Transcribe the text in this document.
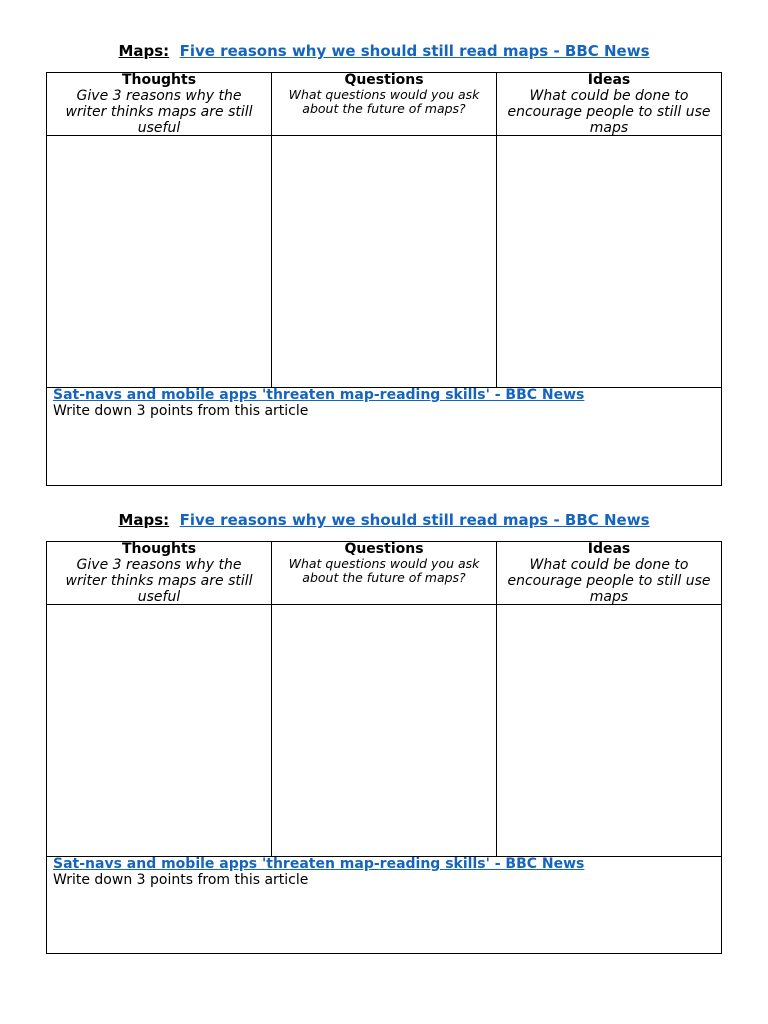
Maps: Five reasons why we should still read maps - BBC News
Thoughts
Give 3 reasons why the writer thinks maps are still useful
Questions
What questions would you ask about the future of maps?
Ideas
What could be done to encourage people to still use maps
Sat-navs and mobile apps 'threaten map-reading skills' - BBC News
Write down 3 points from this article
Maps: Five reasons why we should still read maps - BBC News
Thoughts
Give 3 reasons why the writer thinks maps are still useful
Questions
What questions would you ask about the future of maps?
Ideas
What could be done to encourage people to still use maps
Sat-navs and mobile apps 'threaten map-reading skills' - BBC News
Write down 3 points from this article
